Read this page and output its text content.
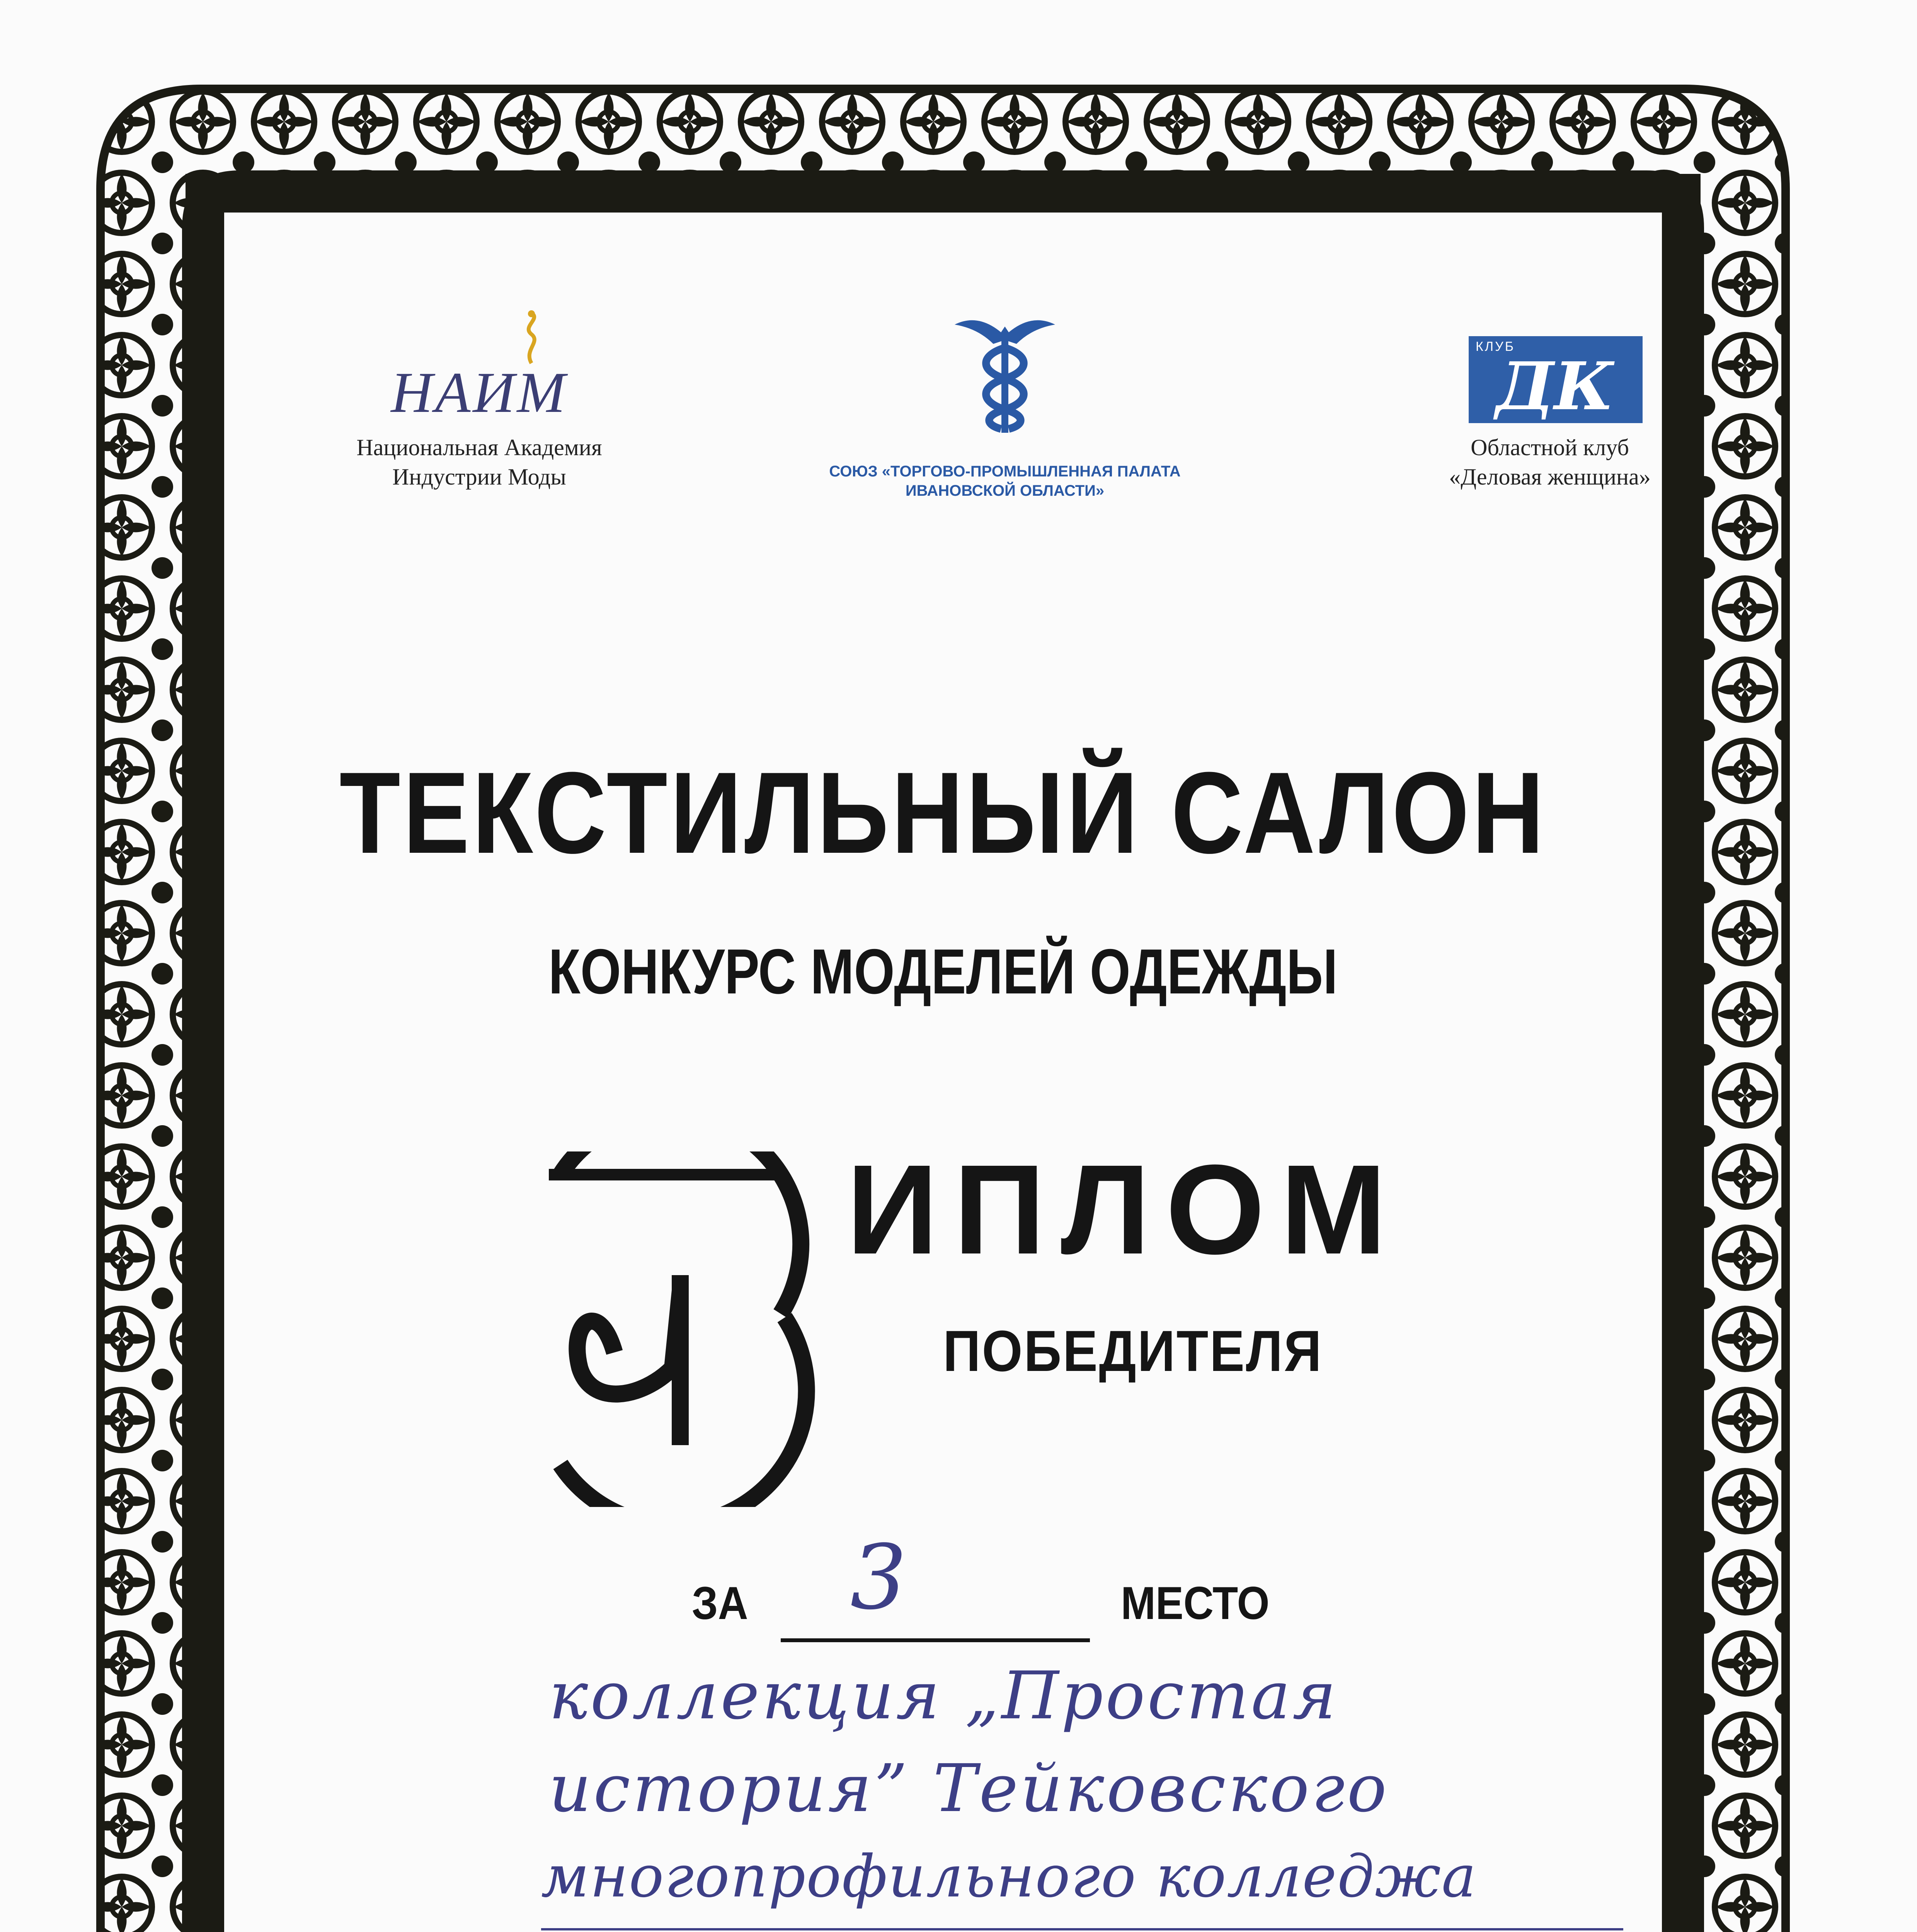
НАИМ
Национальная Академия
Индустрии Моды	СОЮЗ «ТОРГОВО-ПРОМЫШЛЕННАЯ ПАЛАТА
ИВАНОВСКОЙ ОБЛАСТИ»
КЛУБ
ДК
Областной клуб
«Деловая женщина»
ТЕКСТИЛЬНЫЙ САЛОН
КОНКУРС МОДЕЛЕЙ ОДЕЖДЫ
ИПЛОМ
ПОБЕДИТЕЛЯ
ЗА 3	МЕСТО
коллекция „Простая
история” Тейковского
многопрофильного колледжа
